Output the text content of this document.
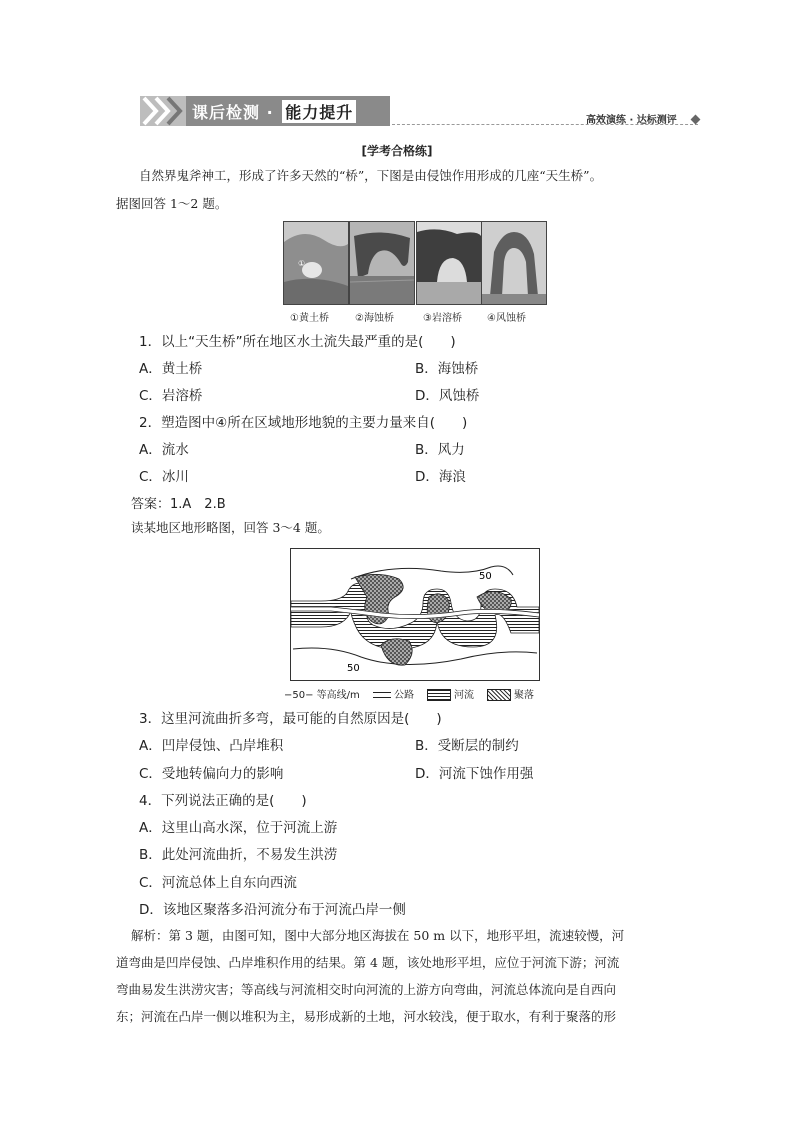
课后检测 · 能力提升	高效演练 · 达标测评
[学考合格练]
自然界鬼斧神工，形成了许多天然的“桥”，下图是由侵蚀作用形成的几座“天生桥”。
据图回答 1～2 题。
①
①黄土桥	②海蚀桥	③岩溶桥	④风蚀桥
1．以上“天生桥”所在地区水土流失最严重的是(　　)
A．黄土桥	B．海蚀桥
C．岩溶桥	D．风蚀桥
2．塑造图中④所在区域地形地貌的主要力量来自(　　)
A．流水	B．风力
C．冰川	D．海浪
答案：1.A　2.B
读某地区地形略图，回答 3～4 题。
50
50
−50− 等高线/m	公路	河流	聚落
3．这里河流曲折多弯，最可能的自然原因是(　　)
A．凹岸侵蚀、凸岸堆积	B．受断层的制约
C．受地转偏向力的影响	D．河流下蚀作用强
4．下列说法正确的是(　　)
A．这里山高水深，位于河流上游
B．此处河流曲折，不易发生洪涝
C．河流总体上自东向西流
D．该地区聚落多沿河流分布于河流凸岸一侧
解析：第 3 题，由图可知，图中大部分地区海拔在 50 m 以下，地形平坦，流速较慢，河
道弯曲是凹岸侵蚀、凸岸堆积作用的结果。第 4 题，该处地形平坦，应位于河流下游；河流
弯曲易发生洪涝灾害；等高线与河流相交时向河流的上游方向弯曲，河流总体流向是自西向
东；河流在凸岸一侧以堆积为主，易形成新的土地，河水较浅，便于取水，有利于聚落的形
